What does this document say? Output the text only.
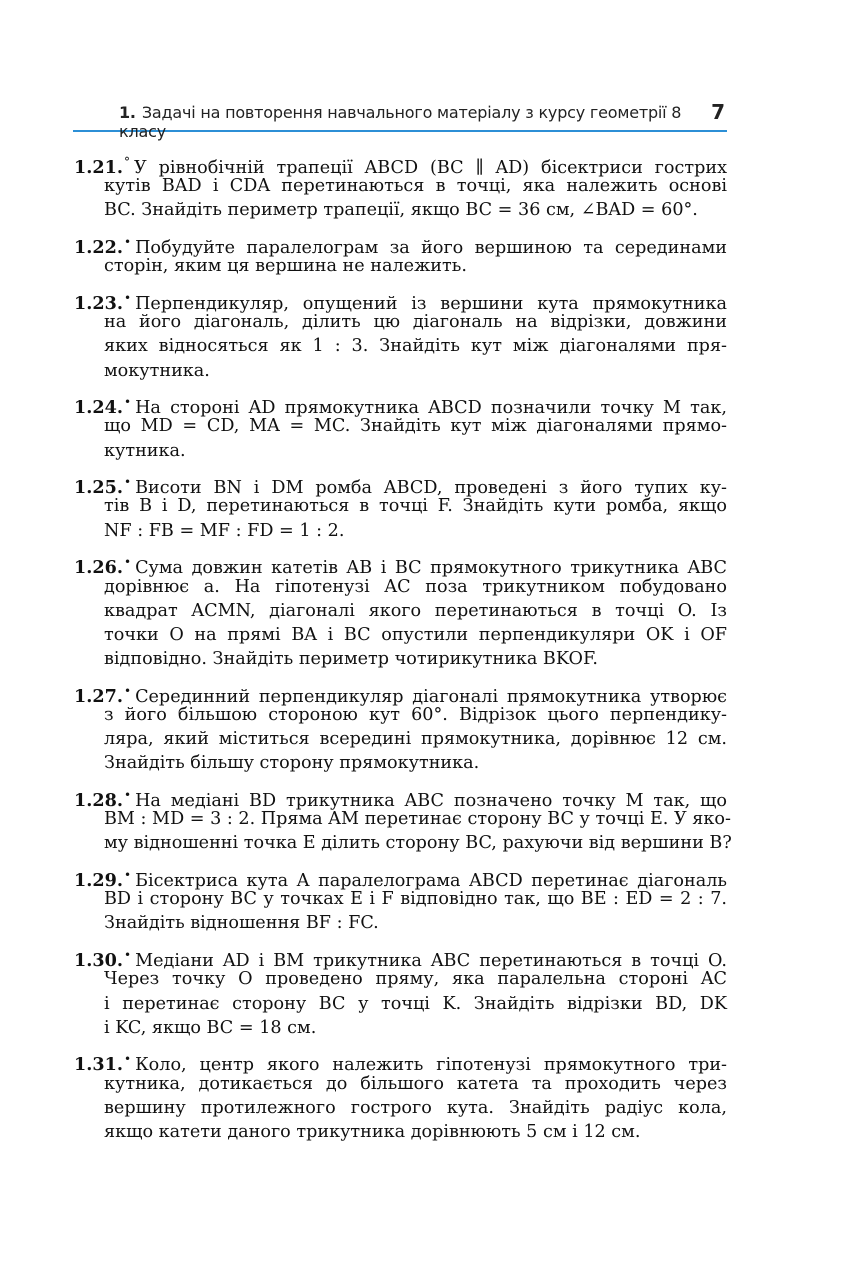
1. Задачі на повторення навчального матеріалу з курсу геометрії 8 класу
7
1.21.° У рівнобічній трапеції ABCD (BC ∥ AD) бісектриси гострих
кутів BAD і CDA перетинаються в точці, яка належить основі
BC. Знайдіть периметр трапеції, якщо BC = 36 см, ∠BAD = 60°.
1.22.• Побудуйте паралелограм за його вершиною та серединами
сторін, яким ця вершина не належить.
1.23.• Перпендикуляр, опущений із вершини кута прямокутника
на його діагональ, ділить цю діагональ на відрізки, довжини
яких відносяться як 1 : 3. Знайдіть кут між діагоналями пря-
мокутника.
1.24.• На стороні AD прямокутника ABCD позначили точку M так,
що MD = CD, MA = MC. Знайдіть кут між діагоналями прямо-
кутника.
1.25.• Висоти BN і DM ромба ABCD, проведені з його тупих ку-
тів B і D, перетинаються в точці F. Знайдіть кути ромба, якщо
NF : FB = MF : FD = 1 : 2.
1.26.• Сума довжин катетів AB і BC прямокутного трикутника ABC
дорівнює a. На гіпотенузі AC поза трикутником побудовано
квадрат ACMN, діагоналі якого перетинаються в точці O. Із
точки O на прямі BA і BC опустили перпендикуляри OK і OF
відповідно. Знайдіть периметр чотирикутника BKOF.
1.27.• Серединний перпендикуляр діагоналі прямокутника утворює
з його більшою стороною кут 60°. Відрізок цього перпендику-
ляра, який міститься всередині прямокутника, дорівнює 12 см.
Знайдіть більшу сторону прямокутника.
1.28.• На медіані BD трикутника ABC позначено точку M так, що
BM : MD = 3 : 2. Пряма AM перетинає сторону BC у точці E. У яко-
му відношенні точка E ділить сторону BC, рахуючи від вершини B?
1.29.• Бісектриса кута A паралелограма ABCD перетинає діагональ
BD і сторону BC у точках E і F відповідно так, що BE : ED = 2 : 7.
Знайдіть відношення BF : FC.
1.30.• Медіани AD і BM трикутника ABC перетинаються в точці O.
Через точку O проведено пряму, яка паралельна стороні AC
і перетинає сторону BC у точці K. Знайдіть відрізки BD, DK
і KC, якщо BC = 18 см.
1.31.• Коло, центр якого належить гіпотенузі прямокутного три-
кутника, дотикається до більшого катета та проходить через
вершину протилежного гострого кута. Знайдіть радіус кола,
якщо катети даного трикутника дорівнюють 5 см і 12 см.
